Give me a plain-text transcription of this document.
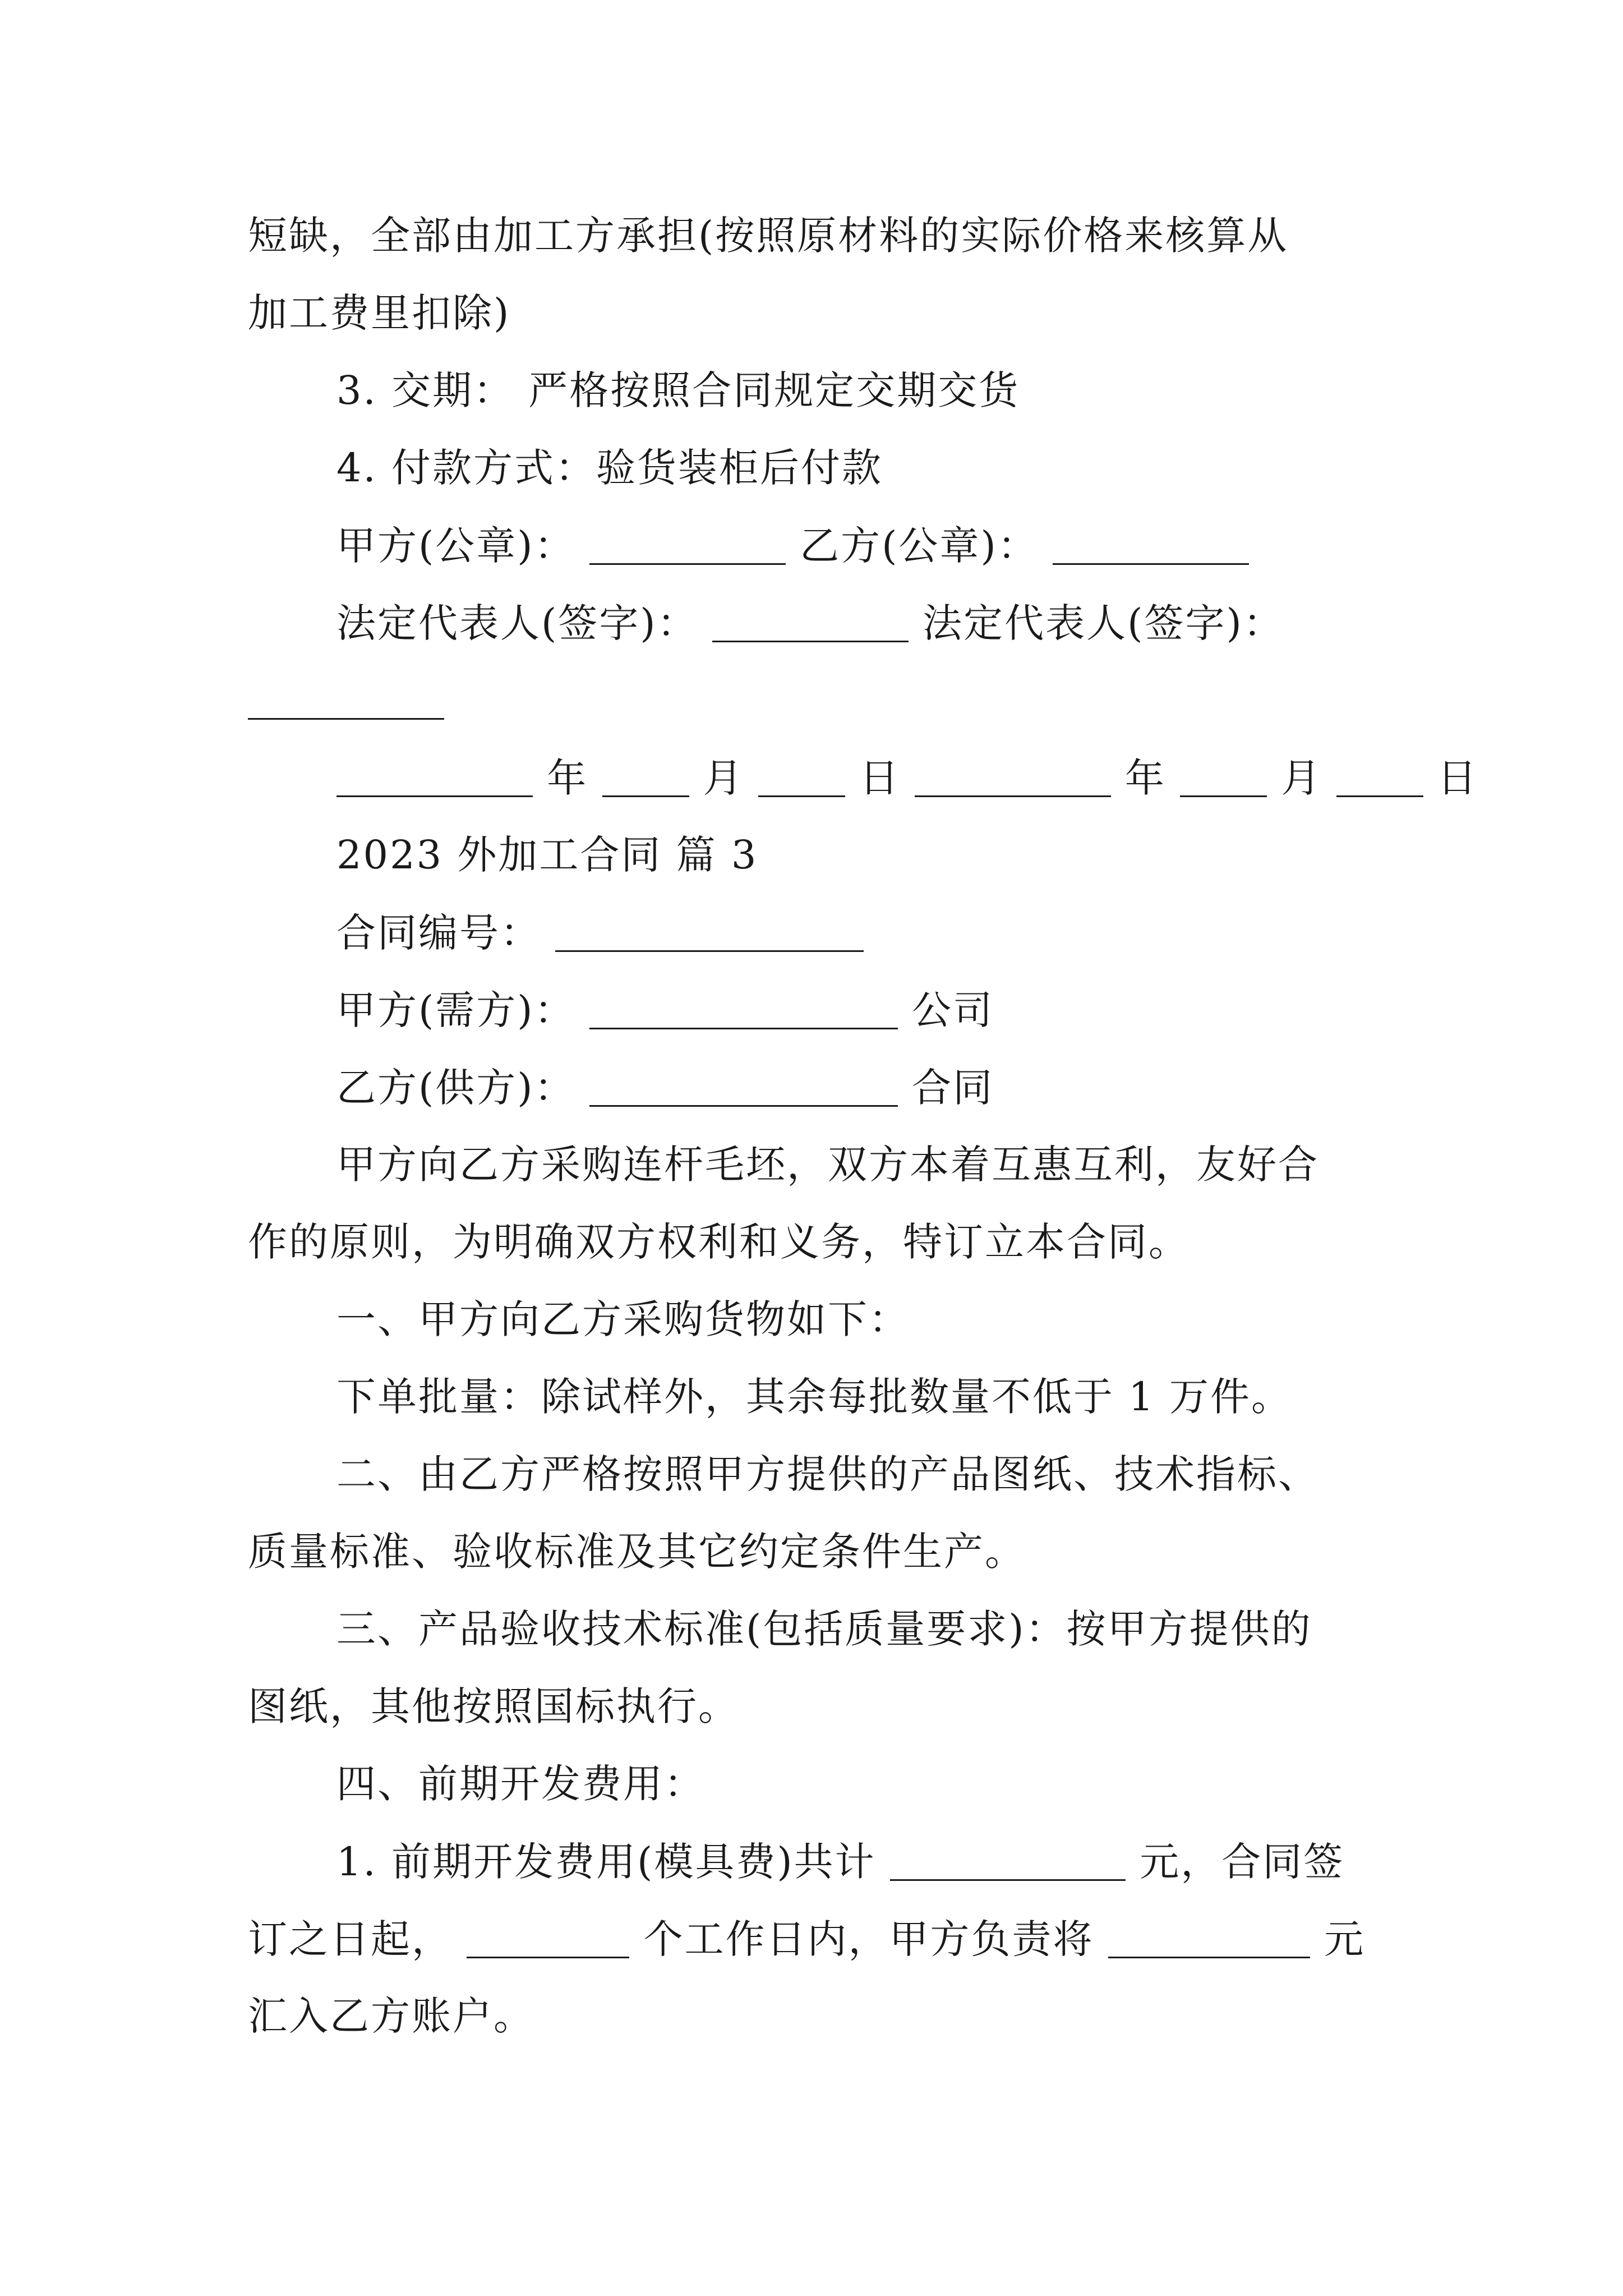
短缺，全部由加工方承担(按照原材料的实际价格来核算从
加工费里扣除)
3. 交期： 严格按照合同规定交期交货
4. 付款方式：验货装柜后付款
甲方(公章)：	乙方(公章)：
法定代表人(签字)：	法定代表人(签字)：
年	月	日	年	月	日
2023 外加工合同 篇 3
合同编号：
甲方(需方)：	公司
乙方(供方)：	合同
甲方向乙方采购连杆毛坯，双方本着互惠互利，友好合
作的原则，为明确双方权利和义务，特订立本合同。
一、甲方向乙方采购货物如下：
下单批量：除试样外，其余每批数量不低于 1 万件。
二、由乙方严格按照甲方提供的产品图纸、技术指标、
质量标准、验收标准及其它约定条件生产。
三、产品验收技术标准(包括质量要求)：按甲方提供的
图纸，其他按照国标执行。
四、前期开发费用：
1. 前期开发费用(模具费)共计	元，合同签
订之日起，	个工作日内，甲方负责将	元
汇入乙方账户。
